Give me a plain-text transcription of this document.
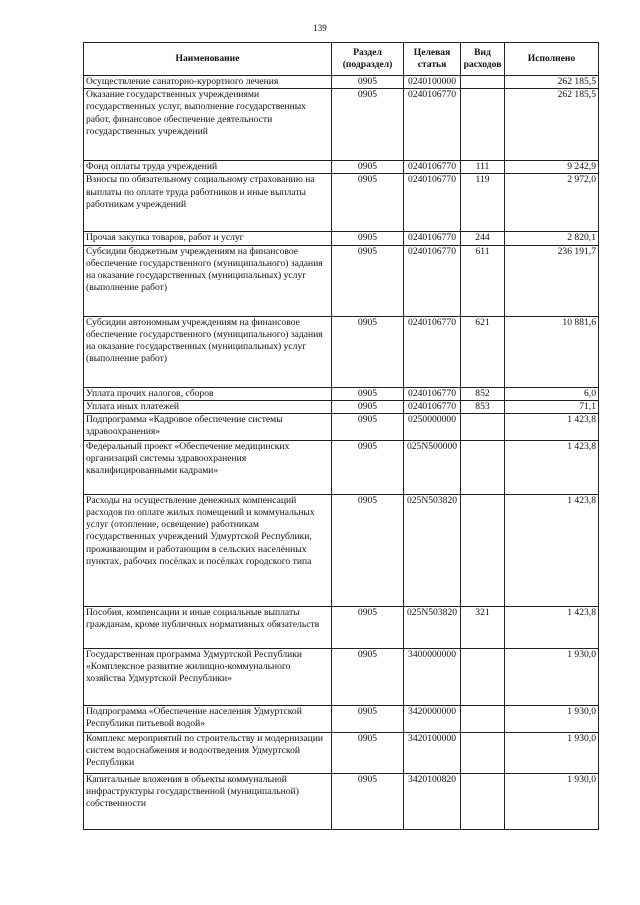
139
Наименование	Раздел (подраздел)	Целевая статья	Вид расходов	Исполнено
Осуществление санаторно-курортного лечения	0905	0240100000		262 185,5
Оказание государственных учреждениями государственных услуг, выполнение государственных работ, финансовое обеспечение деятельности государственных учреждений	0905	0240106770		262 185,5
Фонд оплаты труда учреждений	0905	0240106770	111	9 242,9
Взносы по обязательному социальному страхованию на выплаты по оплате труда работников и иные выплаты работникам учреждений	0905	0240106770	119	2 972,0
Прочая закупка товаров, работ и услуг	0905	0240106770	244	2 820,1
Субсидии бюджетным учреждениям на финансовое обеспечение государственного (муниципального) задания на оказание государственных (муниципальных) услуг (выполнение работ)	0905	0240106770	611	236 191,7
Субсидии автономным учреждениям на финансовое обеспечение государственного (муниципального) задания на оказание государственных (муниципальных) услуг (выполнение работ)	0905	0240106770	621	10 881,6
Уплата прочих налогов, сборов	0905	0240106770	852	6,0
Уплата иных платежей	0905	0240106770	853	71,1
Подпрограмма «Кадровое обеспечение системы здравоохранения»	0905	0250000000		1 423,8
Федеральный проект «Обеспечение медицинских организаций системы здравоохранения квалифицированными кадрами»	0905	025N500000		1 423,8
Расходы на осуществление денежных компенсаций расходов по оплате жилых помещений и коммунальных услуг (отопление, освещение) работникам государственных учреждений Удмуртской Республики, проживающим и работающим в сельских населённых пунктах, рабочих посёлках и посёлках городского типа	0905	025N503820		1 423,8
Пособия, компенсации и иные социальные выплаты гражданам, кроме публичных нормативных обязательств	0905	025N503820	321	1 423,8
Государственная программа Удмуртской Республики «Комплексное развитие жилищно-коммунального хозяйства Удмуртской Республики»	0905	3400000000		1 930,0
Подпрограмма «Обеспечение населения Удмуртской Республики питьевой водой»	0905	3420000000		1 930,0
Комплекс мероприятий по строительству и модернизации систем водоснабжения и водоотведения Удмуртской Республики	0905	3420100000		1 930,0
Капитальные вложения в объекты коммунальной инфраструктуры государственной (муниципальной) собственности	0905	3420100820		1 930,0
